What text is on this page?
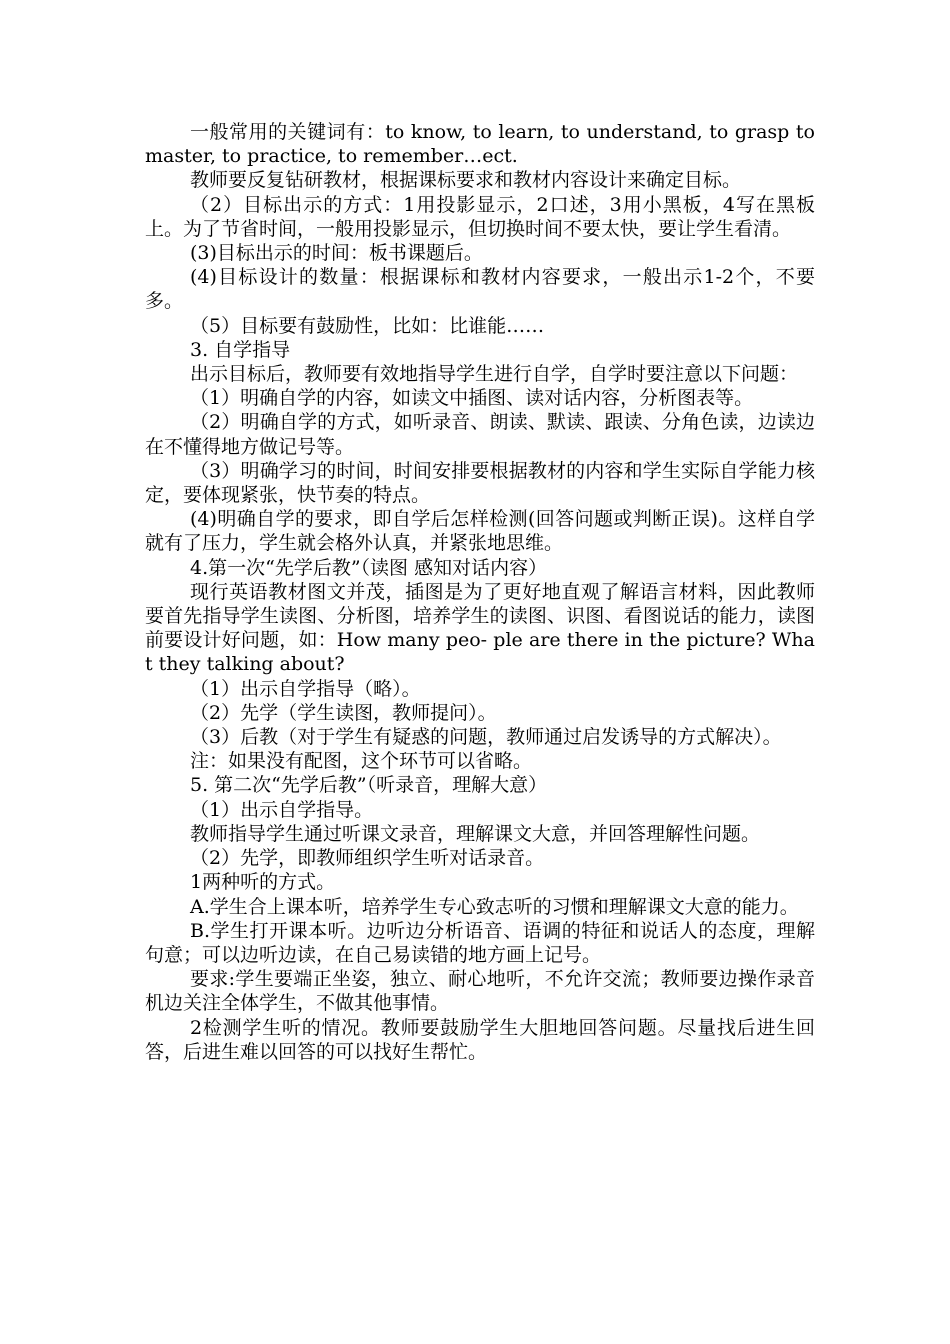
一般常用的关键词有：to know, to learn, to understand, to grasp to master, to practice, to remember…ect.

教师要反复钻研教材，根据课标要求和教材内容设计来确定目标。

（2）目标出示的方式：1用投影显示，2口述，3用小黑板，4写在黑板上。为了节省时间，一般用投影显示，但切换时间不要太快，要让学生看清。

(3)目标出示的时间：板书课题后。

(4)目标设计的数量：根据课标和教材内容要求，一般出示1-2个，不要多。

（5）目标要有鼓励性，比如：比谁能……

3. 自学指导

出示目标后，教师要有效地指导学生进行自学，自学时要注意以下问题：

（1）明确自学的内容，如读文中插图、读对话内容，分析图表等。

（2）明确自学的方式，如听录音、朗读、默读、跟读、分角色读，边读边在不懂得地方做记号等。

（3）明确学习的时间，时间安排要根据教材的内容和学生实际自学能力核定，要体现紧张，快节奏的特点。

(4)明确自学的要求，即自学后怎样检测(回答问题或判断正误)。这样自学就有了压力，学生就会格外认真，并紧张地思维。

4.第一次“先学后教”（读图 感知对话内容）

现行英语教材图文并茂，插图是为了更好地直观了解语言材料，因此教师要首先指导学生读图、分析图，培养学生的读图、识图、看图说话的能力，读图前要设计好问题，如：How many peo- ple are there in the picture? What they talking about?

（1）出示自学指导（略）。

（2）先学（学生读图，教师提问）。

（3）后教（对于学生有疑惑的问题，教师通过启发诱导的方式解决）。

注：如果没有配图，这个环节可以省略。

5. 第二次“先学后教”（听录音，理解大意）

（1）出示自学指导。

教师指导学生通过听课文录音，理解课文大意，并回答理解性问题。

（2）先学，即教师组织学生听对话录音。

1两种听的方式。

A.学生合上课本听，培养学生专心致志听的习惯和理解课文大意的能力。

B.学生打开课本听。边听边分析语音、语调的特征和说话人的态度，理解句意；可以边听边读，在自己易读错的地方画上记号。

要求:学生要端正坐姿，独立、耐心地听，不允许交流；教师要边操作录音机边关注全体学生，不做其他事情。

2检测学生听的情况。教师要鼓励学生大胆地回答问题。尽量找后进生回答，后进生难以回答的可以找好生帮忙。
